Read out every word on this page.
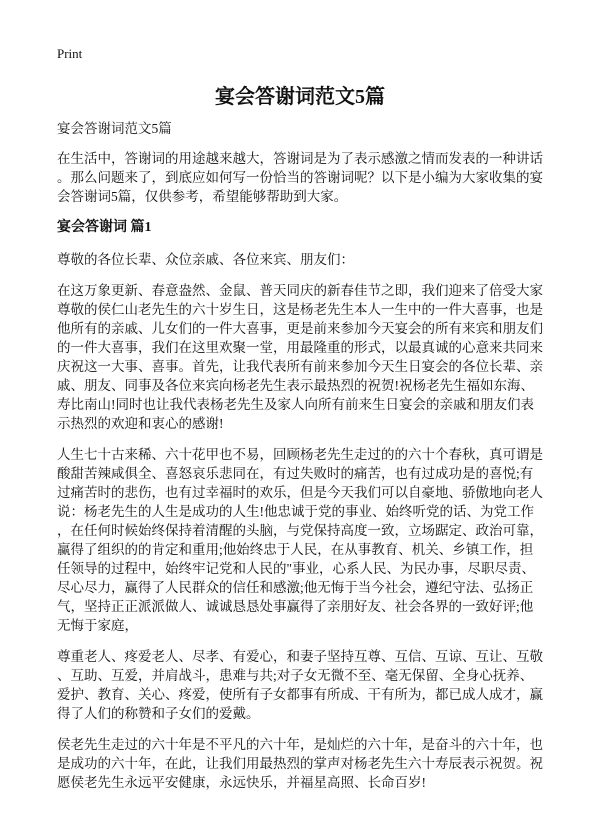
Print
宴会答谢词范文5篇
宴会答谢词范文5篇
在生活中，答谢词的用途越来越大，答谢词是为了表示感激之情而发表的一种讲话
。那么问题来了，到底应如何写一份恰当的答谢词呢？以下是小编为大家收集的宴
会答谢词5篇，仅供参考，希望能够帮助到大家。
宴会答谢词 篇1
尊敬的各位长辈、众位亲戚、各位来宾、朋友们：
在这万象更新、春意盎然、金鼠、普天同庆的新春佳节之即，我们迎来了倍受大家
尊敬的侯仁山老先生的六十岁生日，这是杨老先生本人一生中的一件大喜事，也是
他所有的亲戚、儿女们的一件大喜事，更是前来参加今天宴会的所有来宾和朋友们
的一件大喜事，我们在这里欢聚一堂，用最隆重的形式，以最真诚的心意来共同来
庆祝这一大事、喜事。首先，让我代表所有前来参加今天生日宴会的各位长辈、亲
戚、朋友、同事及各位来宾向杨老先生表示最热烈的祝贺!祝杨老先生福如东海、
寿比南山!同时也让我代表杨老先生及家人向所有前来生日宴会的亲戚和朋友们表
示热烈的欢迎和衷心的感谢!
人生七十古来稀、六十花甲也不易，回顾杨老先生走过的的六十个春秋，真可谓是
酸甜苦辣咸俱全、喜怒哀乐悲同在，有过失败时的痛苦，也有过成功是的喜悦;有
过痛苦时的悲伤，也有过幸福时的欢乐，但是今天我们可以自豪地、骄傲地向老人
说：杨老先生的人生是成功的人生!他忠诚于党的事业、始终听党的话、为党工作
，在任何时候始终保持着清醒的头脑，与党保持高度一致，立场踞定、政治可靠，
赢得了组织的的肯定和重用;他始终忠于人民，在从事教育、机关、乡镇工作，担
任领导的过程中，始终牢记党和人民的"事业，心系人民、为民办事，尽职尽责、
尽心尽力，赢得了人民群众的信任和感激;他无悔于当今社会，遵纪守法、弘扬正
气，坚持正正派派做人、诚诚恳恳处事赢得了亲朋好友、社会各界的一致好评;他
无悔于家庭，
尊重老人、疼爱老人、尽孝、有爱心，和妻子坚持互尊、互信、互谅、互让、互敬
、互助、互爱，并肩战斗，患难与共;对子女无微不至、毫无保留、全身心抚养、
爱护、教育、关心、疼爱，使所有子女都事有所成、干有所为，都已成人成才，赢
得了人们的称赞和子女们的爱戴。
侯老先生走过的六十年是不平凡的六十年，是灿烂的六十年，是奋斗的六十年，也
是成功的六十年，在此，让我们用最热烈的掌声对杨老先生六十寿辰表示祝贺。祝
愿侯老先生永远平安健康，永远快乐，并福星高照、长命百岁!
